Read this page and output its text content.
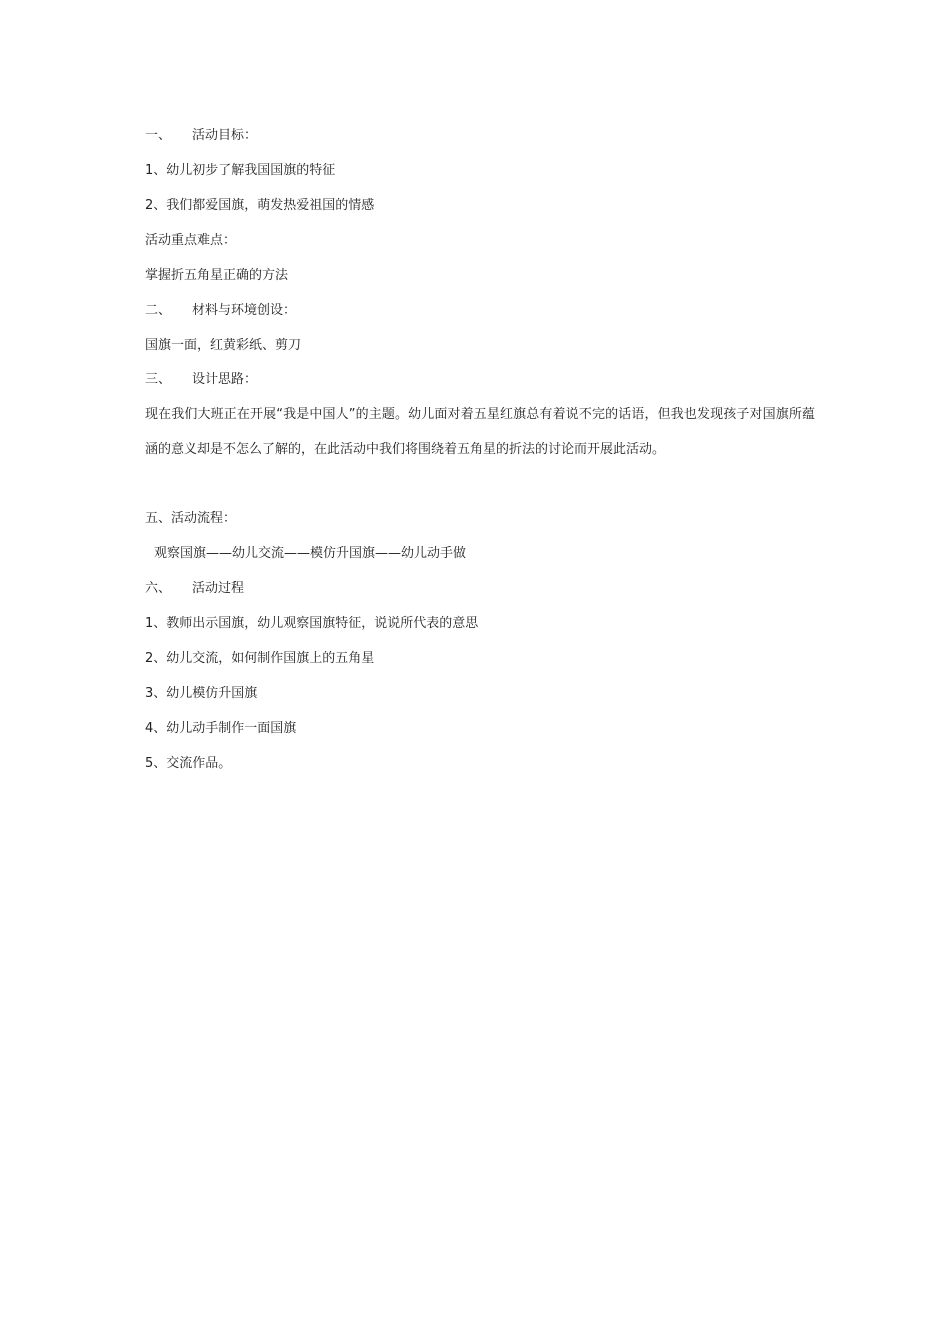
一、 活动目标：
1、幼儿初步了解我国国旗的特征
2、我们都爱国旗，萌发热爱祖国的情感
活动重点难点：
掌握折五角星正确的方法
二、 材料与环境创设：
国旗一面，红黄彩纸、剪刀
三、 设计思路：
现在我们大班正在开展“我是中国人”的主题。幼儿面对着五星红旗总有着说不完的话语，但我也发现孩子对国旗所蕴涵的意义却是不怎么了解的，在此活动中我们将围绕着五角星的折法的讨论而开展此活动。
五、活动流程：
观察国旗——幼儿交流——模仿升国旗——幼儿动手做
六、 活动过程
1、教师出示国旗，幼儿观察国旗特征，说说所代表的意思
2、幼儿交流，如何制作国旗上的五角星
3、幼儿模仿升国旗
4、幼儿动手制作一面国旗
5、交流作品。
